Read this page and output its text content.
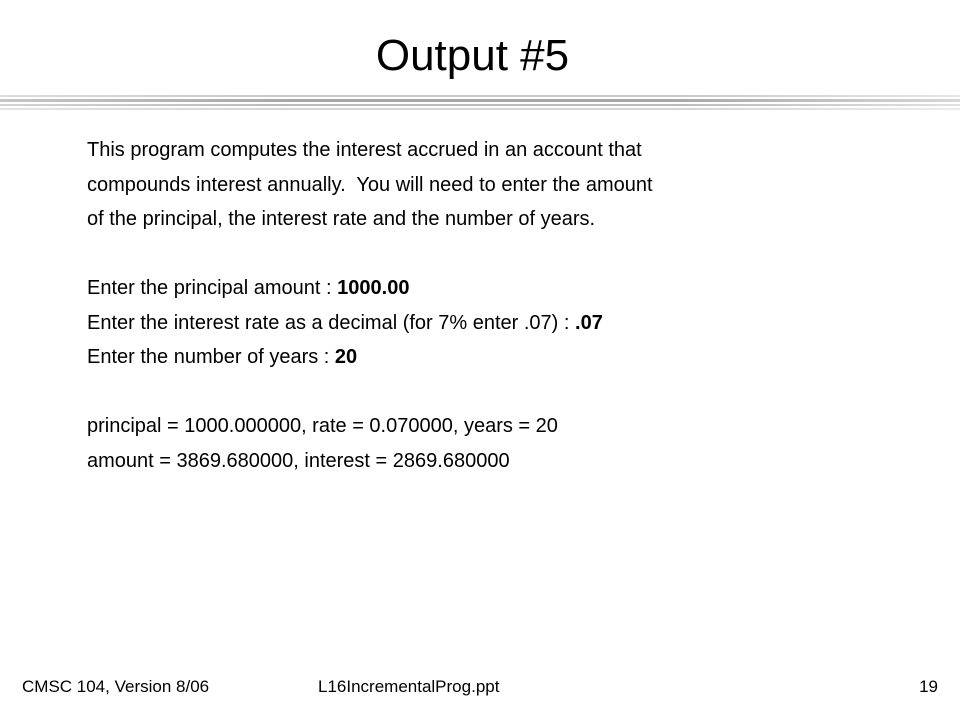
Output #5
This program computes the interest accrued in an account that
compounds interest annually.  You will need to enter the amount
of the principal, the interest rate and the number of years.
Enter the principal amount : 1000.00
Enter the interest rate as a decimal (for 7% enter .07) : .07
Enter the number of years : 20
principal = 1000.000000, rate = 0.070000, years = 20
amount = 3869.680000, interest = 2869.680000
CMSC 104, Version 8/06	L16IncrementalProg.ppt	19
